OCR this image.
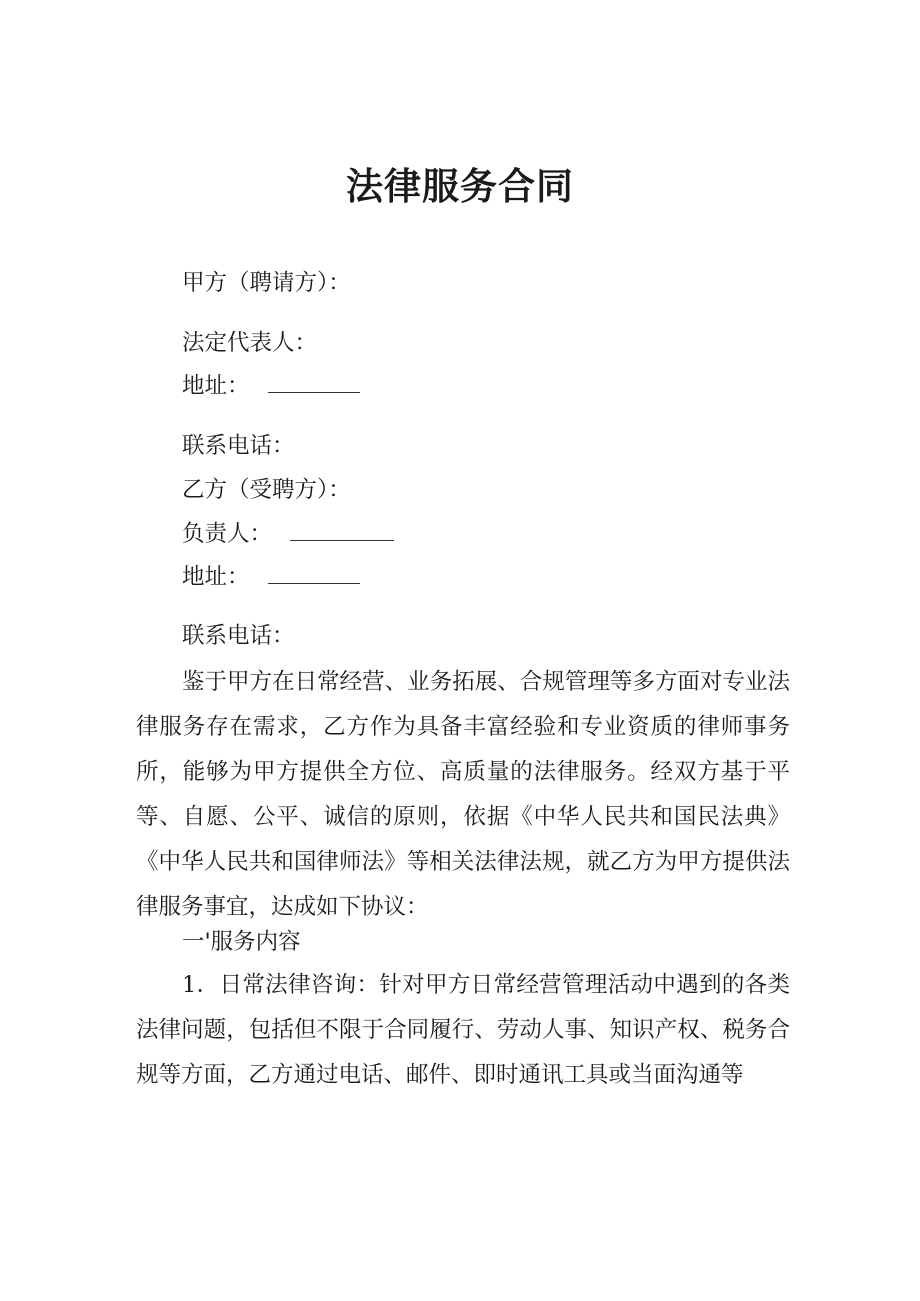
法律服务合同

甲方（聘请方）：

法定代表人：

地址：

联系电话：

乙方（受聘方）：

负责人：

地址：

联系电话：

鉴于甲方在日常经营、业务拓展、合规管理等多方面对专业法律服务存在需求，乙方作为具备丰富经验和专业资质的律师事务所，能够为甲方提供全方位、高质量的法律服务。经双方基于平等、自愿、公平、诚信的原则，依据《中华人民共和国民法典》《中华人民共和国律师法》等相关法律法规，就乙方为甲方提供法律服务事宜，达成如下协议：

一'服务内容

1．日常法律咨询：针对甲方日常经营管理活动中遇到的各类法律问题，包括但不限于合同履行、劳动人事、知识产权、税务合规等方面，乙方通过电话、邮件、即时通讯工具或当面沟通等
